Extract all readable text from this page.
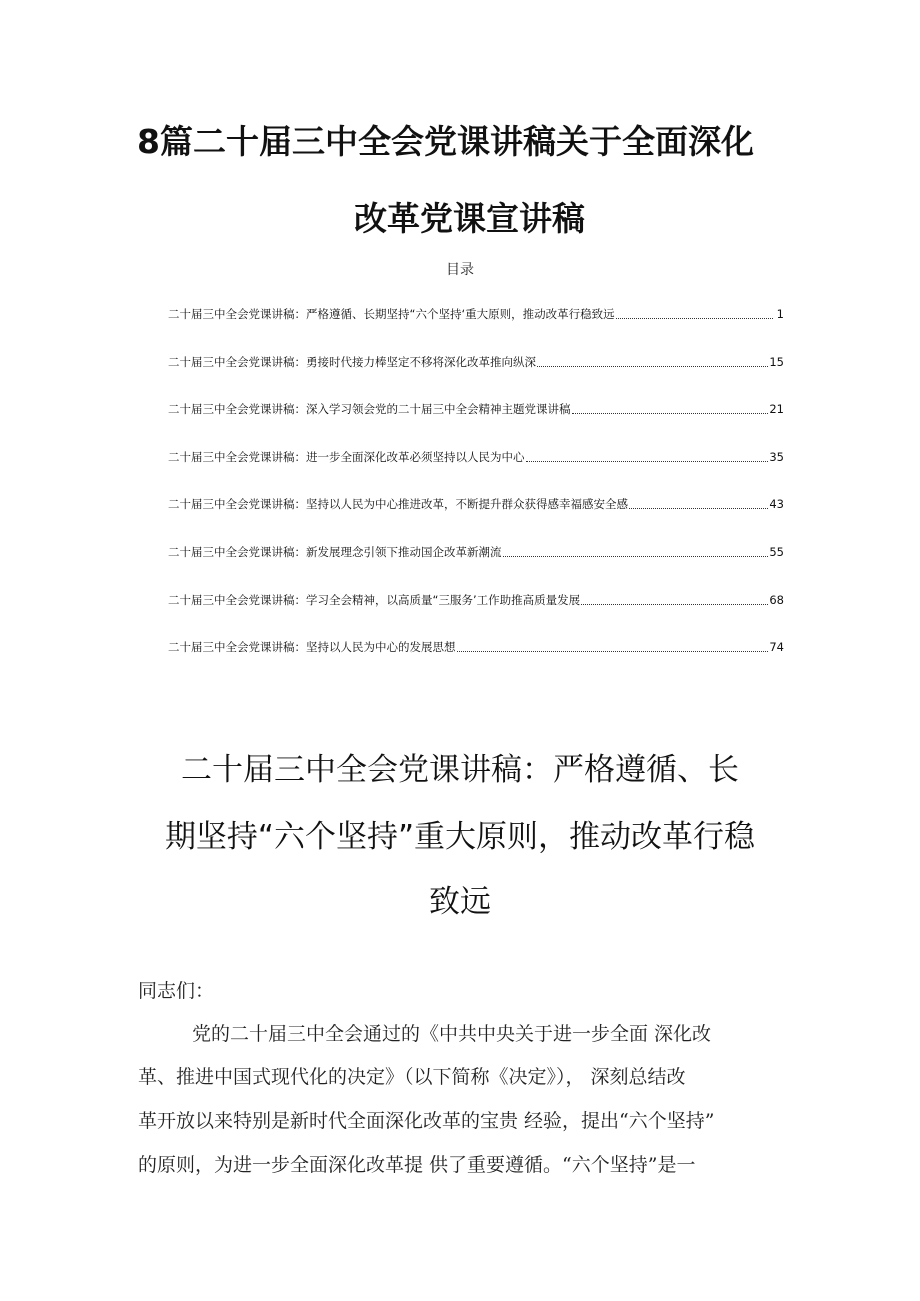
8篇二十届三中全会党课讲稿关于全面深化
改革党课宣讲稿
目录
二十届三中全会党课讲稿：严格遵循、长期坚持“六个坚持‘重大原则，推动改革行稳致远	1
二十届三中全会党课讲稿：勇接时代接力棒坚定不移将深化改革推向纵深	15
二十届三中全会党课讲稿：深入学习领会党的二十届三中全会精神主题党课讲稿	21
二十届三中全会党课讲稿：进一步全面深化改革必须坚持以人民为中心	35
二十届三中全会党课讲稿：坚持以人民为中心推进改革，不断提升群众获得感幸福感安全感	43
二十届三中全会党课讲稿：新发展理念引领下推动国企改革新潮流	55
二十届三中全会党课讲稿：学习全会精神，以高质量“三服务’工作助推高质量发展	68
二十届三中全会党课讲稿：坚持以人民为中心的发展思想	74
二十届三中全会党课讲稿：严格遵循、长
期坚持“六个坚持”重大原则，推动改革行稳
致远
同志们：
党的二十届三中全会通过的《中共中央关于进一步全面 深化改
革、推进中国式现代化的决定》（以下简称《决定》）， 深刻总结改
革开放以来特别是新时代全面深化改革的宝贵 经验，提出“六个坚持”
的原则，为进一步全面深化改革提 供了重要遵循。“六个坚持”是一
